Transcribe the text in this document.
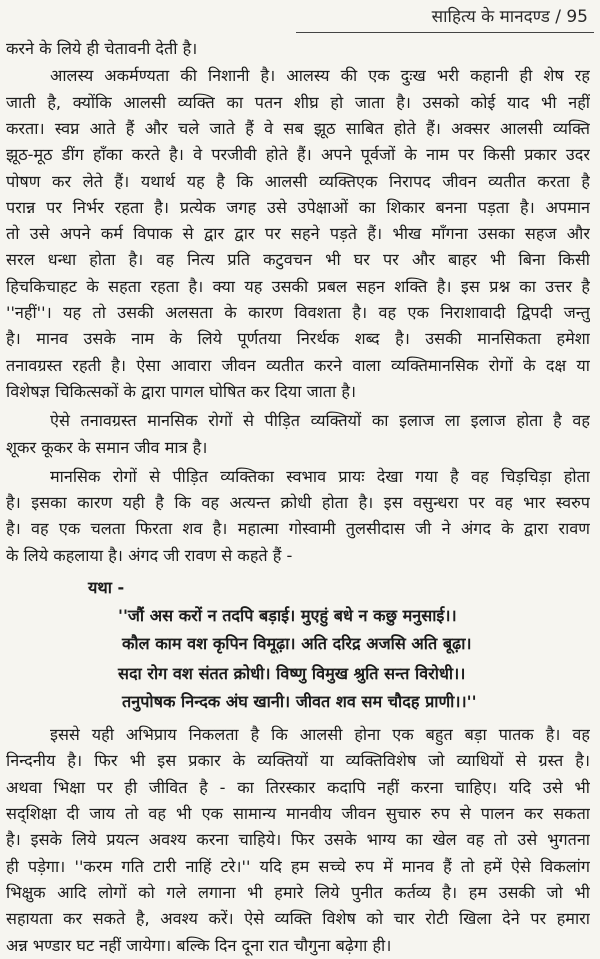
साहित्य के मानदण्ड / 95
करने के लिये ही चेतावनी देती है।
आलस्य अकर्मण्यता की निशानी है। आलस्य की एक दुःख भरी कहानी ही शेष रह
जाती है, क्योंकि आलसी व्यक्ति का पतन शीघ्र हो जाता है। उसको कोई याद भी नहीं
करता। स्वप्न आते हैं और चले जाते हैं वे सब झूठ साबित होते हैं। अक्सर आलसी व्यक्ति
झूठ-मूठ डींग हाँका करते है। वे परजीवी होते हैं। अपने पूर्वजों के नाम पर किसी प्रकार उदर
पोषण कर लेते हैं। यथार्थ यह है कि आलसी व्यक्तिएक निरापद जीवन व्यतीत करता है
परान्न पर निर्भर रहता है। प्रत्येक जगह उसे उपेक्षाओं का शिकार बनना पड़ता है। अपमान
तो उसे अपने कर्म विपाक से द्वार द्वार पर सहने पड़ते हैं। भीख माँगना उसका सहज और
सरल धन्धा होता है। वह नित्य प्रति कटुवचन भी घर पर और बाहर भी बिना किसी
हिचकिचाहट के सहता रहता है। क्या यह उसकी प्रबल सहन शक्ति है। इस प्रश्न का उत्तर है
''नहीं''। यह तो उसकी अलसता के कारण विवशता है। वह एक निराशावादी द्विपदी जन्तु
है। मानव उसके नाम के लिये पूर्णतया निरर्थक शब्द है। उसकी मानसिकता हमेशा
तनावग्रस्त रहती है। ऐसा आवारा जीवन व्यतीत करने वाला व्यक्तिमानसिक रोगों के दक्ष या
विशेषज्ञ चिकित्सकों के द्वारा पागल घोषित कर दिया जाता है।
ऐसे तनावग्रस्त मानसिक रोगों से पीड़ित व्यक्तियों का इलाज ला इलाज होता है वह
शूकर कूकर के समान जीव मात्र है।
मानसिक रोगों से पीड़ित व्यक्तिका स्वभाव प्रायः देखा गया है वह चिड़चिड़ा होता
है। इसका कारण यही है कि वह अत्यन्त क्रोधी होता है। इस वसुन्धरा पर वह भार स्वरुप
है। वह एक चलता फिरता शव है। महात्मा गोस्वामी तुलसीदास जी ने अंगद के द्वारा रावण
के लिये कहलाया है। अंगद जी रावण से कहते हैं -
यथा -
''जौं अस करों न तदपि बड़ाई। मुएहुं बधे न कछु मनुसाई।।
कौल काम वश कृपिन विमूढ़ा। अति दरिद्र अजसि अति बूढ़ा।
सदा रोग वश संतत क्रोधी। विष्णु विमुख श्रुति सन्त विरोधी।।
तनुपोषक निन्दक अंघ खानी। जीवत शव सम चौदह प्राणी।।''
इससे यही अभिप्राय निकलता है कि आलसी होना एक बहुत बड़ा पातक है। वह
निन्दनीय है। फिर भी इस प्रकार के व्यक्तियों या व्यक्तिविशेष जो व्याधियों से ग्रस्त है।
अथवा भिक्षा पर ही जीवित है - का तिरस्कार कदापि नहीं करना चाहिए। यदि उसे भी
सद्शिक्षा दी जाय तो वह भी एक सामान्य मानवीय जीवन सुचारु रुप से पालन कर सकता
है। इसके लिये प्रयत्न अवश्य करना चाहिये। फिर उसके भाग्य का खेल वह तो उसे भुगतना
ही पड़ेगा। ''करम गति टारी नाहिं टरे।'' यदि हम सच्चे रुप में मानव हैं तो हमें ऐसे विकलांग
भिक्षुक आदि लोगों को गले लगाना भी हमारे लिये पुनीत कर्तव्य है। हम उसकी जो भी
सहायता कर सकते है, अवश्य करें। ऐसे व्यक्ति विशेष को चार रोटी खिला देने पर हमारा
अन्न भण्डार घट नहीं जायेगा। बल्कि दिन दूना रात चौगुना बढ़ेगा ही।
